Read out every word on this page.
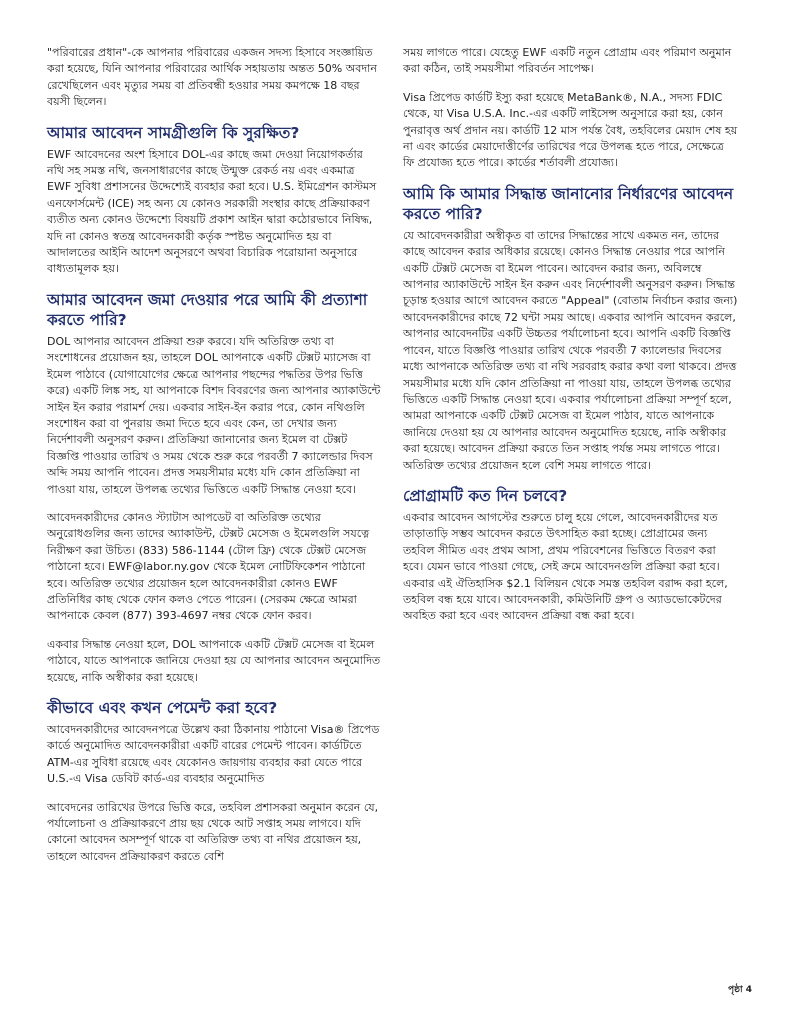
"পরিবারের প্রধান"-কে আপনার পরিবারের একজন সদস্য হিসাবে সংজ্ঞায়িত করা হয়েছে, যিনি আপনার পরিবারের আর্থিক সহায়তায় অন্তত 50% অবদান রেখেছিলেন এবং মৃত্যুর সময় বা প্রতিবন্ধী হওয়ার সময় কমপক্ষে 18 বছর বয়সী ছিলেন।

আমার আবেদন সামগ্রীগুলি কি সুরক্ষিত?

EWF আবেদনের অংশ হিসাবে DOL-এর কাছে জমা দেওয়া নিয়োগকর্তার নথি সহ সমস্ত নথি, জনসাধারণের কাছে উন্মুক্ত রেকর্ড নয় এবং একমাত্র EWF সুবিধা প্রশাসনের উদ্দেশ্যেই ব্যবহার করা হবে। U.S. ইমিগ্রেশন কাস্টমস এনফোর্সমেন্ট (ICE) সহ অন্য যে কোনও সরকারী সংস্থার কাছে প্রক্রিয়াকরণ ব্যতীত অন্য কোনও উদ্দেশ্যে বিষয়টি প্রকাশ আইন দ্বারা কঠোরভাবে নিষিদ্ধ, যদি না কোনও স্বতন্ত্র আবেদনকারী কর্তৃক স্পষ্টভ অনুমোদিত হয় বা আদালতের আইনি আদেশ অনুসরণে অথবা বিচারিক পরোয়ানা অনুসারে বাধ্যতামূলক হয়।

আমার আবেদন জমা দেওয়ার পরে আমি কী প্রত্যাশা করতে পারি?

DOL আপনার আবেদন প্রক্রিয়া শুরু করবে। যদি অতিরিক্ত তথ্য বা সংশোধনের প্রয়োজন হয়, তাহলে DOL আপনাকে একটি টেক্সট ম্যাসেজ বা ইমেল পাঠাবে (যোগাযোগের ক্ষেত্রে আপনার পছন্দের পদ্ধতির উপর ভিত্তি করে) একটি লিঙ্ক সহ, যা আপনাকে বিশদ বিবরণের জন্য আপনার অ্যাকাউন্টে সাইন ইন করার পরামর্শ দেয়। একবার সাইন-ইন করার পরে, কোন নথিগুলি সংশোধন করা বা পুনরায় জমা দিতে হবে এবং কেন, তা দেখার জন্য নির্দেশাবলী অনুসরণ করুন। প্রতিক্রিয়া জানানোর জন্য ইমেল বা টেক্সট বিজ্ঞপ্তি পাওয়ার তারিখ ও সময় থেকে শুরু করে পরবর্তী 7 ক্যালেন্ডার দিবস অব্দি সময় আপনি পাবেন। প্রদত্ত সময়সীমার মধ্যে যদি কোন প্রতিক্রিয়া না পাওয়া যায়, তাহলে উপলব্ধ তথ্যের ভিত্তিতে একটি সিদ্ধান্ত নেওয়া হবে।

আবেদনকারীদের কোনও স্ট্যাটাস আপডেট বা অতিরিক্ত তথ্যের অনুরোধগুলির জন্য তাদের অ্যাকাউন্ট, টেক্সট মেসেজ ও ইমেলগুলি সযত্নে নিরীক্ষণ করা উচিত। (833) 586-1144 (টোল ফ্রি) থেকে টেক্সট মেসেজ পাঠানো হবে। EWF@labor.ny.gov থেকে ইমেল নোটিফিকেশন পাঠানো হবে। অতিরিক্ত তথ্যের প্রয়োজন হলে আবেদনকারীরা কোনও EWF প্রতিনিধির কাছ থেকে ফোন কলও পেতে পারেন। (সেরকম ক্ষেত্রে আমরা আপনাকে কেবল (877) 393-4697 নম্বর থেকে ফোন করব।

একবার সিদ্ধান্ত নেওয়া হলে, DOL আপনাকে একটি টেক্সট মেসেজ বা ইমেল পাঠাবে, যাতে আপনাকে জানিয়ে দেওয়া হয় যে আপনার আবেদন অনুমোদিত হয়েছে, নাকি অস্বীকার করা হয়েছে।

কীভাবে এবং কখন পেমেন্ট করা হবে?

আবেদনকারীদের আবেদনপত্রে উল্লেখ করা ঠিকানায় পাঠানো Visa® প্রিপেড কার্ডে অনুমোদিত আবেদনকারীরা একটি বারের পেমেন্ট পাবেন। কার্ডটিতে ATM-এর সুবিধা রয়েছে এবং যেকোনও জায়গায় ব্যবহার করা যেতে পারে U.S.-এ Visa ডেবিট কার্ড-এর ব্যবহার অনুমোদিত

আবেদনের তারিখের উপরে ভিত্তি করে, তহবিল প্রশাসকরা অনুমান করেন যে, পর্যালোচনা ও প্রক্রিয়াকরণে প্রায় ছয় থেকে আট সপ্তাহ সময় লাগবে। যদি কোনো আবেদন অসম্পূর্ণ থাকে বা অতিরিক্ত তথ্য বা নথির প্রয়োজন হয়, তাহলে আবেদন প্রক্রিয়াকরণ করতে বেশি

সময় লাগতে পারে। যেহেতু EWF একটি নতুন প্রোগ্রাম এবং পরিমাণ অনুমান করা কঠিন, তাই সময়সীমা পরিবর্তন সাপেক্ষ।

Visa প্রিপেড কার্ডটি ইস্যু করা হয়েছে MetaBank®, N.A., সদস্য FDIC থেকে, যা Visa U.S.A. Inc.-এর একটি লাইসেন্স অনুসারে করা হয়, কোন পুনরাবৃত্ত অর্থ প্রদান নয়। কার্ডটি 12 মাস পর্যন্ত বৈধ, তহবিলের মেয়াদ শেষ হয় না এবং কার্ডের মেয়াদোত্তীর্ণের তারিখের পরে উপলব্ধ হতে পারে, সেক্ষেত্রে ফি প্রযোজ্য হতে পারে। কার্ডের শর্তাবলী প্রযোজ্য।

আমি কি আমার সিদ্ধান্ত জানানোর নির্ধারণের আবেদন করতে পারি?

যে আবেদনকারীরা অস্বীকৃত বা তাদের সিদ্ধান্তের সাথে একমত নন, তাদের কাছে আবেদন করার অধিকার রয়েছে। কোনও সিদ্ধান্ত নেওয়ার পরে আপনি একটি টেক্সট মেসেজ বা ইমেল পাবেন। আবেদন করার জন্য, অবিলম্বে আপনার অ্যাকাউন্টে সাইন ইন করুন এবং নির্দেশাবলী অনুসরণ করুন। সিদ্ধান্ত চূড়ান্ত হওয়ার আগে আবেদন করতে "Appeal" (বোতাম নির্বাচন করার জন্য) আবেদনকারীদের কাছে 72 ঘন্টা সময় আছে। একবার আপনি আবেদন করলে, আপনার আবেদনটির একটি উচ্চতর পর্যালোচনা হবে। আপনি একটি বিজ্ঞপ্তি পাবেন, যাতে বিজ্ঞপ্তি পাওয়ার তারিখ থেকে পরবর্তী 7 ক্যালেন্ডার দিবসের মধ্যে আপনাকে অতিরিক্ত তথ্য বা নথি সরবরাহ করার কথা বলা থাকবে। প্রদত্ত সময়সীমার মধ্যে যদি কোন প্রতিক্রিয়া না পাওয়া যায়, তাহলে উপলব্ধ তথ্যের ভিত্তিতে একটি সিদ্ধান্ত নেওয়া হবে। একবার পর্যালোচনা প্রক্রিয়া সম্পূর্ণ হলে, আমরা আপনাকে একটি টেক্সট মেসেজ বা ইমেল পাঠাব, যাতে আপনাকে জানিয়ে দেওয়া হয় যে আপনার আবেদন অনুমোদিত হয়েছে, নাকি অস্বীকার করা হয়েছে। আবেদন প্রক্রিয়া করতে তিন সপ্তাহ পর্যন্ত সময় লাগতে পারে। অতিরিক্ত তথ্যের প্রয়োজন হলে বেশি সময় লাগতে পারে।

প্রোগ্রামটি কত দিন চলবে?

একবার আবেদন আগস্টের শুরুতে চালু হয়ে গেলে, আবেদনকারীদের যত তাড়াতাড়ি সম্ভব আবেদন করতে উৎসাহিত করা হচ্ছে। প্রোগ্রামের জন্য তহবিল সীমিত এবং প্রথম আসা, প্রথম পরিবেশনের ভিত্তিতে বিতরণ করা হবে। যেমন ভাবে পাওয়া গেছে, সেই ক্রমে আবেদনগুলি প্রক্রিয়া করা হবে। একবার এই ঐতিহাসিক $2.1 বিলিয়ন থেকে সমস্ত তহবিল বরাদ্দ করা হলে, তহবিল বন্ধ হয়ে যাবে। আবেদনকারী, কমিউনিটি গ্রুপ ও অ্যাডভোকেটদের অবহিত করা হবে এবং আবেদন প্রক্রিয়া বন্ধ করা হবে।

পৃষ্ঠা 4
